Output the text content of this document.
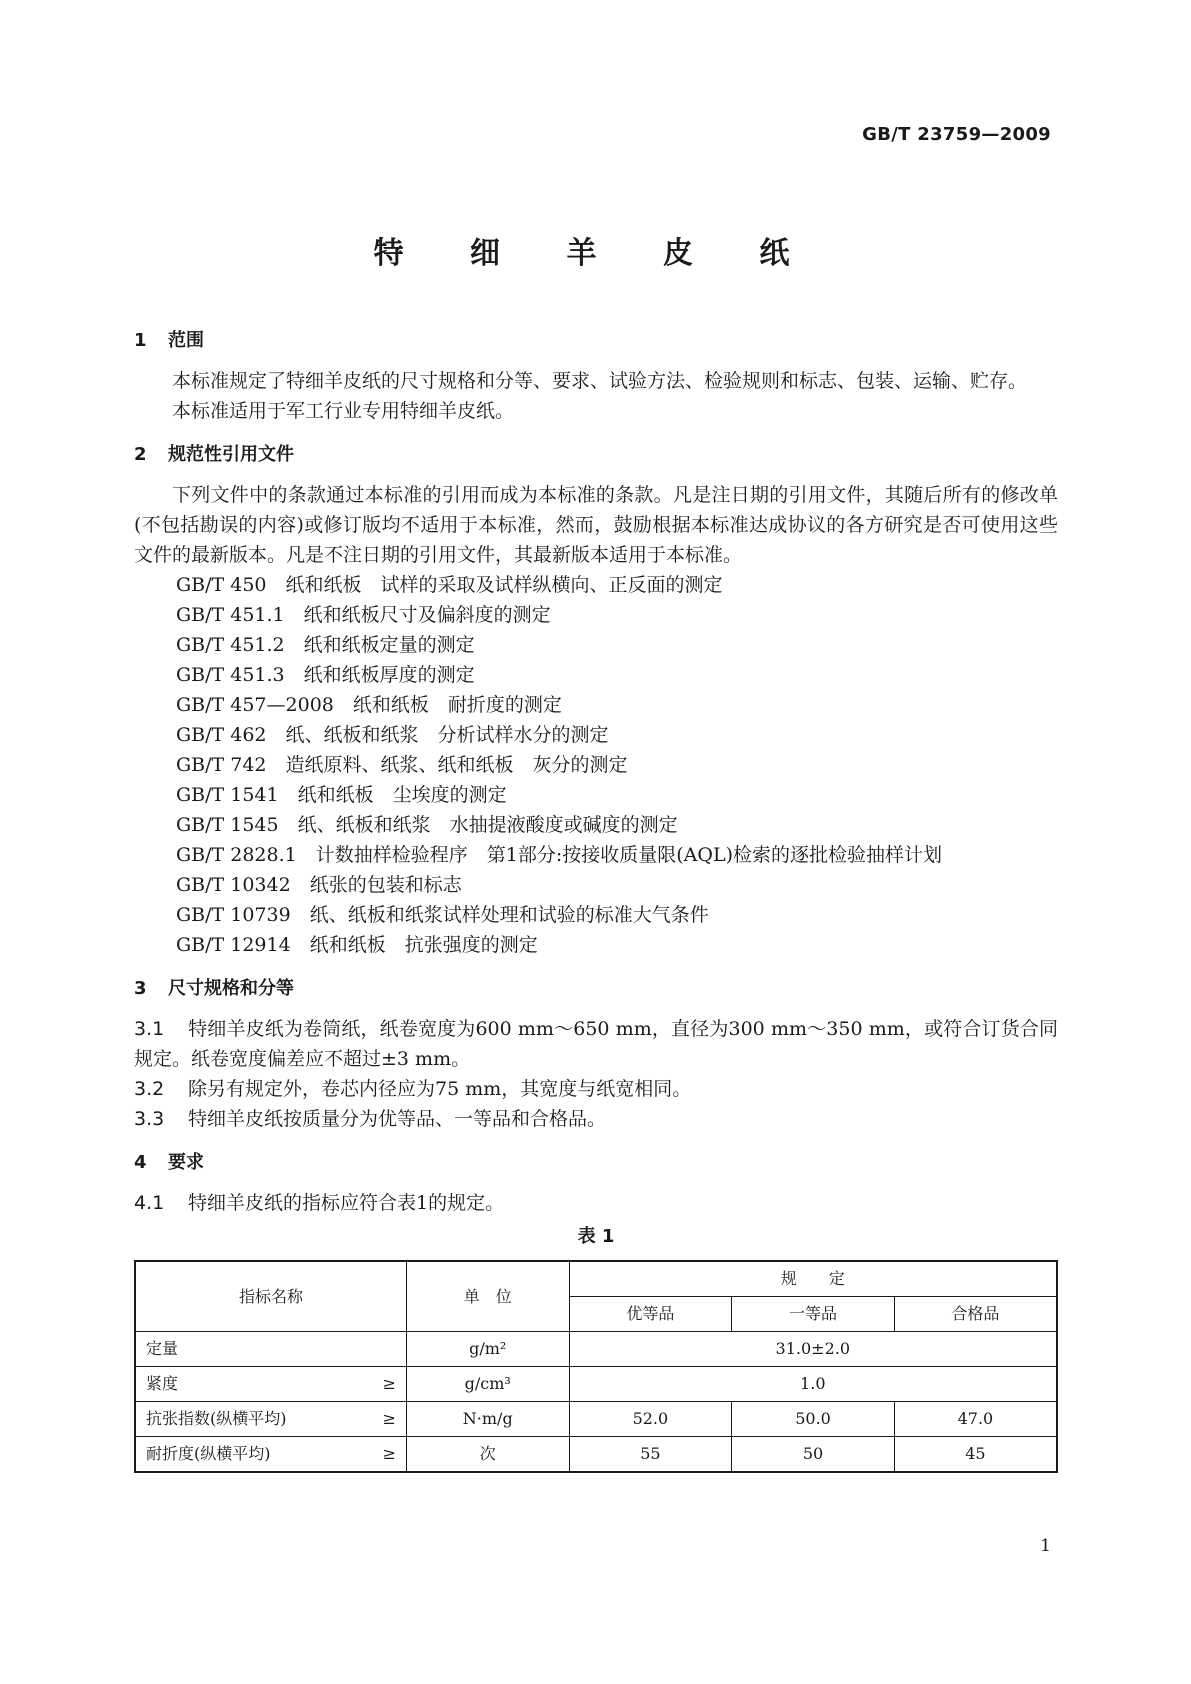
GB/T 23759—2009
特 细 羊 皮 纸
1 范围
本标准规定了特细羊皮纸的尺寸规格和分等、要求、试验方法、检验规则和标志、包装、运输、贮存。
本标准适用于军工行业专用特细羊皮纸。
2 规范性引用文件
下列文件中的条款通过本标准的引用而成为本标准的条款。凡是注日期的引用文件，其随后所有的修改单(不包括勘误的内容)或修订版均不适用于本标准，然而，鼓励根据本标准达成协议的各方研究是否可使用这些文件的最新版本。凡是不注日期的引用文件，其最新版本适用于本标准。
GB/T 450　 纸和纸板　试样的采取及试样纵横向、正反面的测定
GB/T 451.1　 纸和纸板尺寸及偏斜度的测定
GB/T 451.2　 纸和纸板定量的测定
GB/T 451.3　 纸和纸板厚度的测定
GB/T 457—2008　 纸和纸板　耐折度的测定
GB/T 462　 纸、纸板和纸浆　分析试样水分的测定
GB/T 742　 造纸原料、纸浆、纸和纸板　灰分的测定
GB/T 1541　 纸和纸板　尘埃度的测定
GB/T 1545　 纸、纸板和纸浆　水抽提液酸度或碱度的测定
GB/T 2828.1　 计数抽样检验程序　第1部分:按接收质量限(AQL)检索的逐批检验抽样计划
GB/T 10342　 纸张的包装和标志
GB/T 10739　 纸、纸板和纸浆试样处理和试验的标准大气条件
GB/T 12914　 纸和纸板　抗张强度的测定
3 尺寸规格和分等
3.1 特细羊皮纸为卷筒纸，纸卷宽度为600 mm～650 mm，直径为300 mm～350 mm，或符合订货合同规定。纸卷宽度偏差应不超过±3 mm。
3.2 除另有规定外，卷芯内径应为75 mm，其宽度与纸宽相同。
3.3 特细羊皮纸按质量分为优等品、一等品和合格品。
4 要求
4.1 特细羊皮纸的指标应符合表1的规定。
表 1
指标名称	单　位	规　　定		
		优等品	一等品	合格品
定量	g/m²	31.0±2.0		
紧度 ≥	g/cm³	1.0		
抗张指数(纵横平均) ≥	N·m/g	52.0	50.0	47.0
耐折度(纵横平均) ≥	次	55	50	45
1
